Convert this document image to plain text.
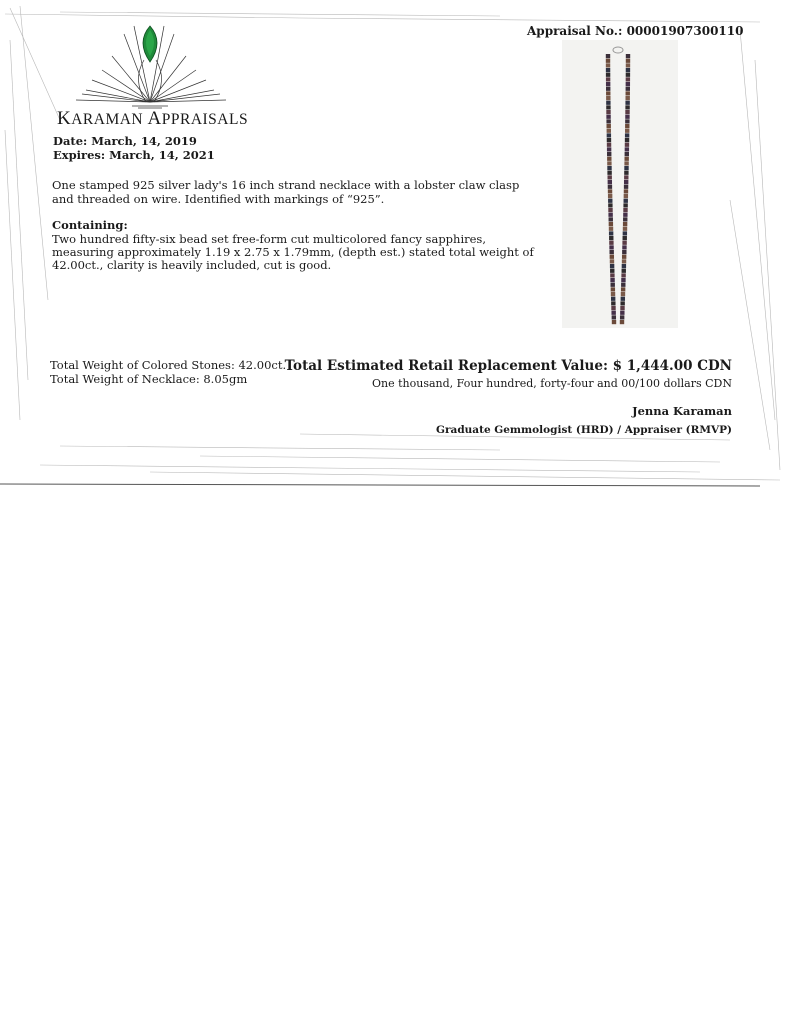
Appraisal No.: 00001907300110
KARAMAN APPRAISALS
Date: March, 14, 2019
Expires: March, 14, 2021
One stamped 925 silver lady's 16 inch strand necklace with a lobster claw clasp and threaded on wire. Identified with markings of “925”.
Containing:
Two hundred fifty-six bead set free-form cut multicolored fancy sapphires, measuring approximately 1.19 x 2.75 x 1.79mm, (depth est.) stated total weight of 42.00ct., clarity is heavily included, cut is good.
Total Weight of Colored Stones: 42.00ct.
Total Weight of Necklace: 8.05gm
Total Estimated Retail Replacement Value: $ 1,444.00 CDN
One thousand, Four hundred, forty-four and 00/100 dollars CDN
Jenna Karaman
Graduate Gemmologist (HRD) / Appraiser (RMVP)
